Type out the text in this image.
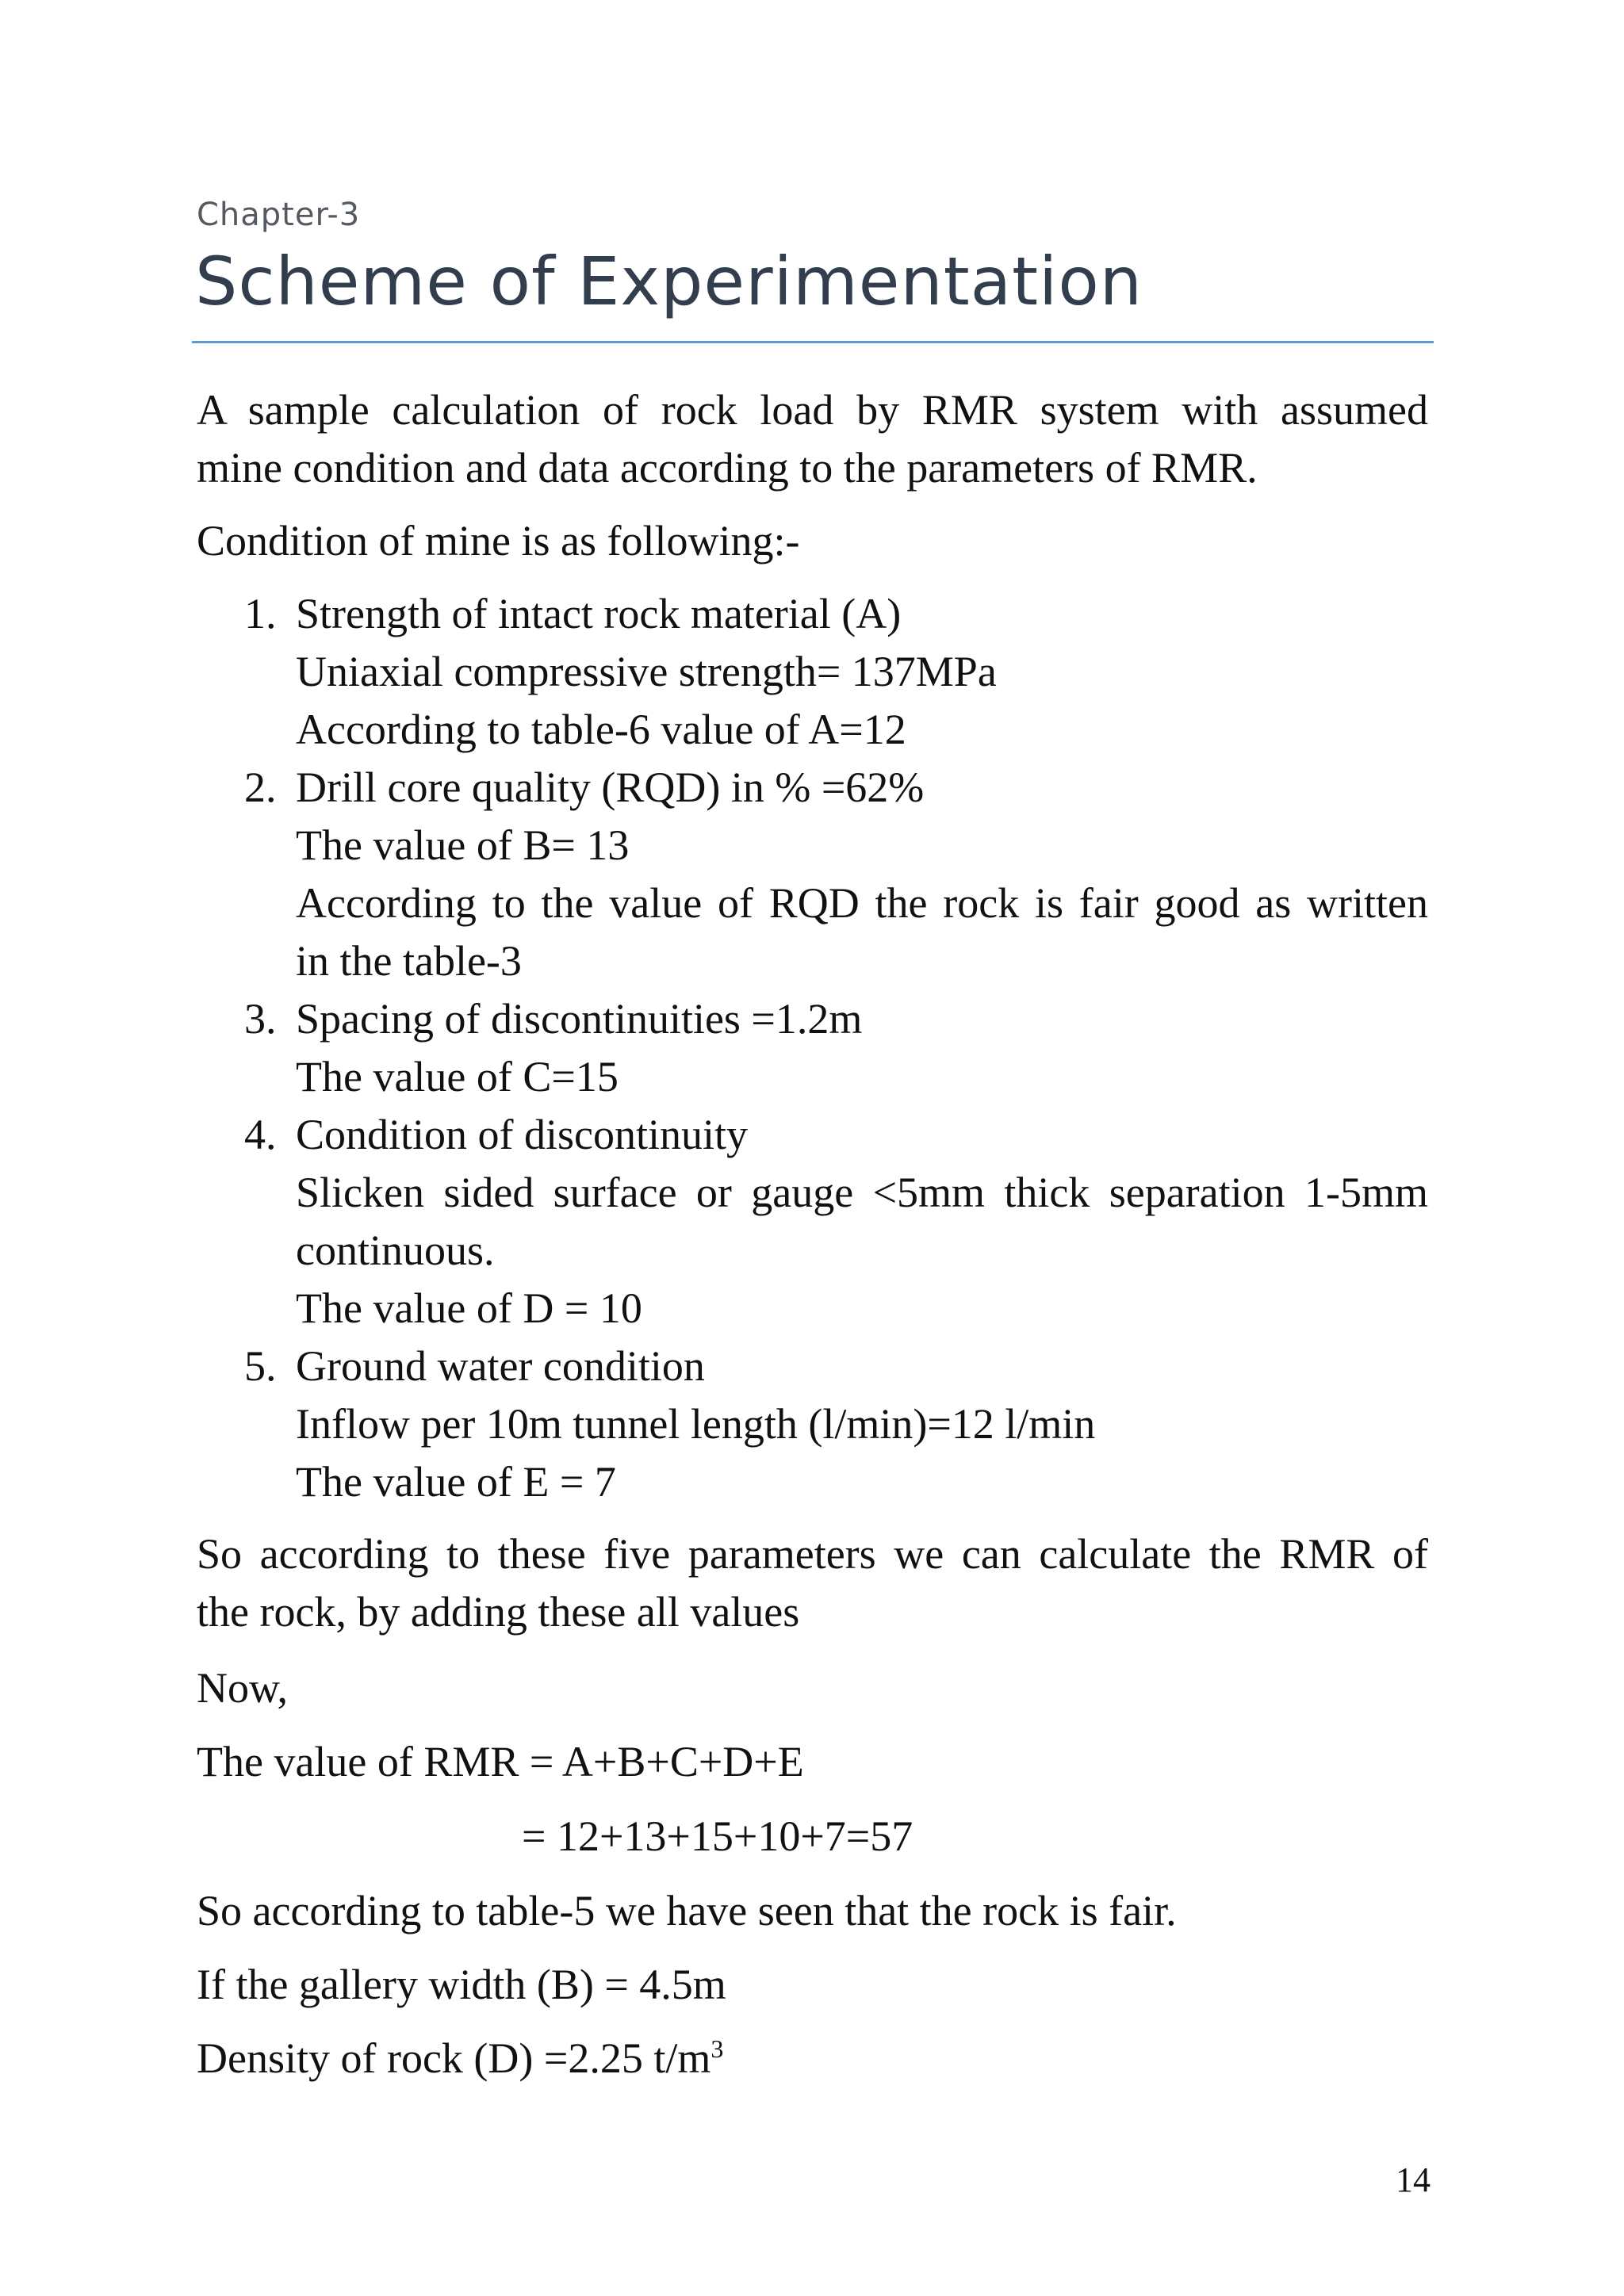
Chapter-3
Scheme of Experimentation
A sample calculation of rock load by RMR system with assumed
mine condition and data according to the parameters of RMR.
Condition of mine is as following:-
1. Strength of intact rock material (A)
Uniaxial compressive strength= 137MPa
According to table-6 value of A=12
2. Drill core quality (RQD) in % =62%
The value of B= 13
According to the value of RQD the rock is fair good as written
in the table-3
3. Spacing of discontinuities =1.2m
The value of C=15
4. Condition of discontinuity
Slicken sided surface or gauge <5mm thick separation 1-5mm
continuous.
The value of D = 10
5. Ground water condition
Inflow per 10m tunnel length (l/min)=12 l/min
The value of E = 7
So according to these five parameters we can calculate the RMR of
the rock, by adding these all values
Now,
The value of RMR = A+B+C+D+E
= 12+13+15+10+7=57
So according to table-5 we have seen that the rock is fair.
If the gallery width (B) = 4.5m
Density of rock (D) =2.25 $t/m^3$
14
